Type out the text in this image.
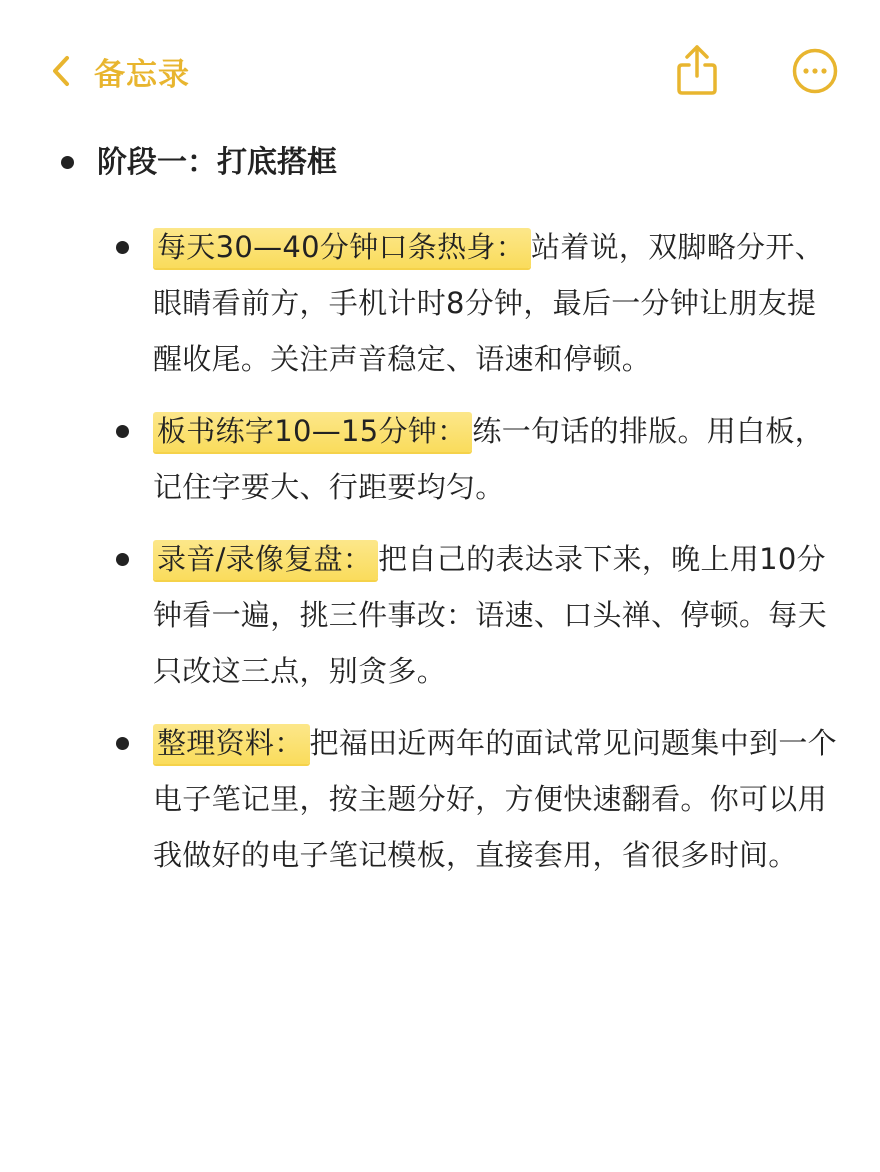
备忘录
阶段一：打底搭框
每天30—40分钟口条热身： 站着说，双脚略分开、眼睛看前方，手机计时8分钟，最后一分钟让朋友提醒收尾。关注声音稳定、语速和停顿。
板书练字10—15分钟： 练一句话的排版。用白板，记住字要大、行距要均匀。
录音/录像复盘： 把自己的表达录下来，晚上用10分钟看一遍，挑三件事改：语速、口头禅、停顿。每天只改这三点，别贪多。
整理资料： 把福田近两年的面试常见问题集中到一个电子笔记里，按主题分好，方便快速翻看。你可以用我做好的电子笔记模板，直接套用，省很多时间。
